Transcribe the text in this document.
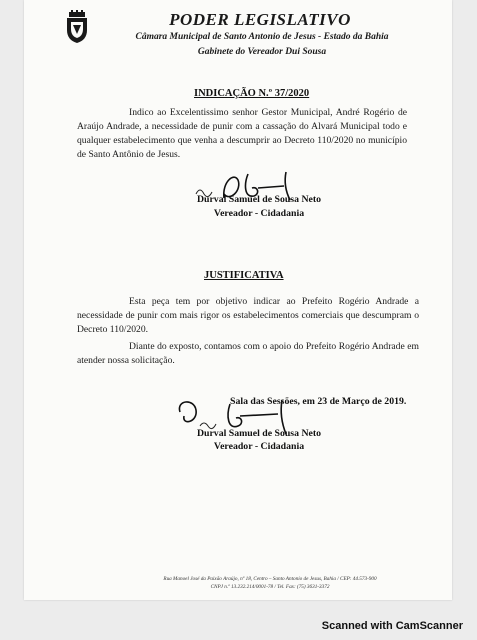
PODER LEGISLATIVO
Câmara Municipal de Santo Antonio de Jesus - Estado da Bahia
Gabinete do Vereador Dui Sousa
INDICAÇÃO N.º 37/2020
Indico ao Excelentissimo senhor Gestor Municipal, André Rogério de Araújo Andrade, a necessidade de punir com a cassação do Alvará Municipal todo e qualquer estabelecimento que venha a descumprir ao Decreto 110/2020 no município de Santo Antônio de Jesus.
Durval Samuel de Sousa Neto
Vereador - Cidadania
JUSTIFICATIVA
Esta peça tem por objetivo indicar ao Prefeito Rogério Andrade a necessidade de punir com mais rigor os estabelecimentos comerciais que descumpram o Decreto 110/2020.
Diante do exposto, contamos com o apoio do Prefeito Rogério Andrade em atender nossa solicitação.
Sala das Sessões, em 23 de Março de 2019.
Durval Samuel de Sousa Neto
Vereador - Cidadania
Rua Manoel José da Paixão Araújo, nº 18, Centro – Santo Antonio de Jesus, Bahia / CEP: 44.573-900
CNPJ n.º 13.232.214/0001-78 / Tel. Fax: (75) 3631-3372
Scanned with CamScanner
